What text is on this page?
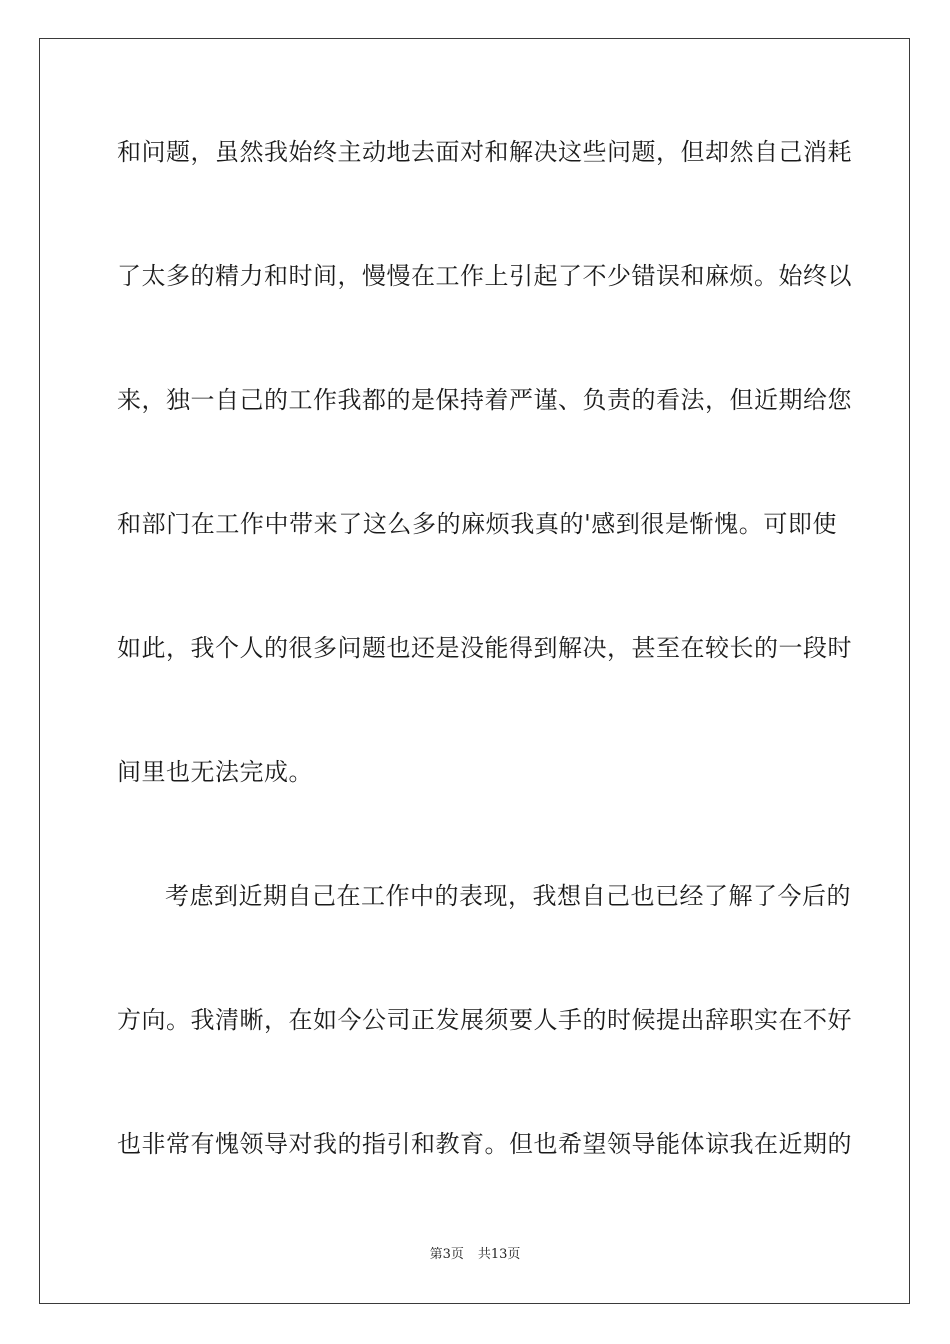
和问题，虽然我始终主动地去面对和解决这些问题，但却然自己消耗
了太多的精力和时间，慢慢在工作上引起了不少错误和麻烦。始终以
来，独一自己的工作我都的是保持着严谨、负责的看法，但近期给您
和部门在工作中带来了这么多的麻烦我真的'感到很是惭愧。可即使
如此，我个人的很多问题也还是没能得到解决，甚至在较长的一段时
间里也无法完成。
考虑到近期自己在工作中的表现，我想自己也已经了解了今后的
方向。我清晰，在如今公司正发展须要人手的时候提出辞职实在不好
也非常有愧领导对我的指引和教育。但也希望领导能体谅我在近期的
第3页 共13页
